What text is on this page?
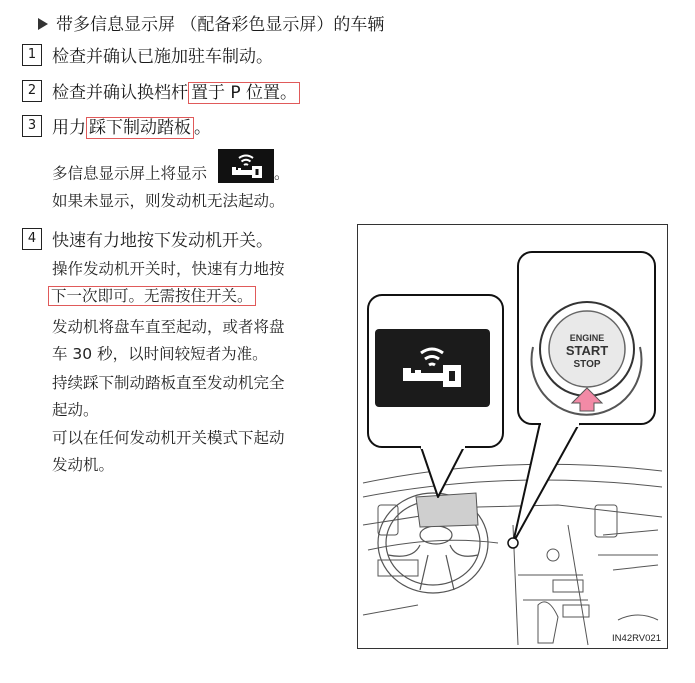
带多信息显示屏 （配备彩色显示屏）的车辆
1 检查并确认已施加驻车制动。
2 检查并确认换档杆 置于 P 位置。
3 用力 踩下制动踏板 。
多信息显示屏上将显示	。
如果未显示，则发动机无法起动。
4 快速有力地按下发动机开关。
操作发动机开关时，快速有力地按
下一次即可。无需按住开关。
发动机将盘车直至起动，或者将盘
车 30 秒，以时间较短者为准。
持续踩下制动踏板直至发动机完全
起动。
可以在任何发动机开关模式下起动
发动机。
ENGINE
START
STOP
IN42RV021
